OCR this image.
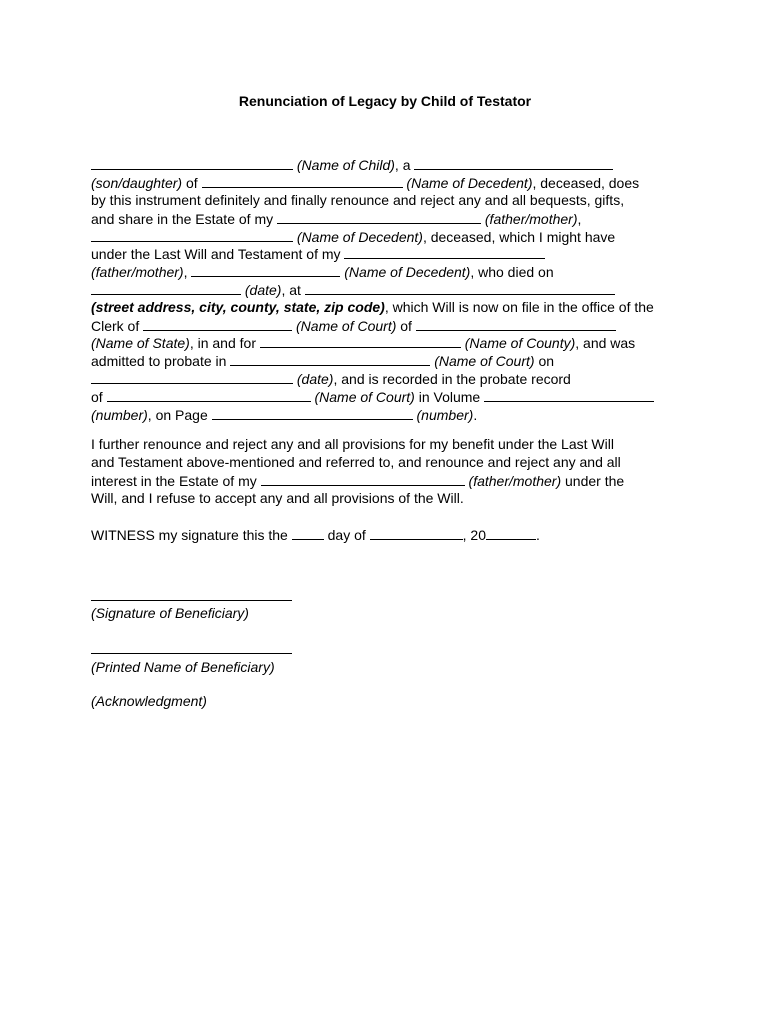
Renunciation of Legacy by Child of Testator
(Name of Child), a
(son/daughter) of	(Name of Decedent), deceased, does
by this instrument definitely and finally renounce and reject any and all bequests, gifts,
and share in the Estate of my	(father/mother),
(Name of Decedent), deceased, which I might have
under the Last Will and Testament of my
(father/mother),	(Name of Decedent), who died on
(date), at
(street address, city, county, state, zip code), which Will is now on file in the office of the
Clerk of	(Name of Court) of
(Name of State), in and for	(Name of County), and was
admitted to probate in	(Name of Court) on
(date), and is recorded in the probate record
of	(Name of Court) in Volume
(number), on Page	(number).
I further renounce and reject any and all provisions for my benefit under the Last Will
and Testament above-mentioned and referred to, and renounce and reject any and all
interest in the Estate of my	(father/mother) under the
Will, and I refuse to accept any and all provisions of the Will.
WITNESS my signature this the  day of	, 20	.
(Signature of Beneficiary)
(Printed Name of Beneficiary)
(Acknowledgment)
